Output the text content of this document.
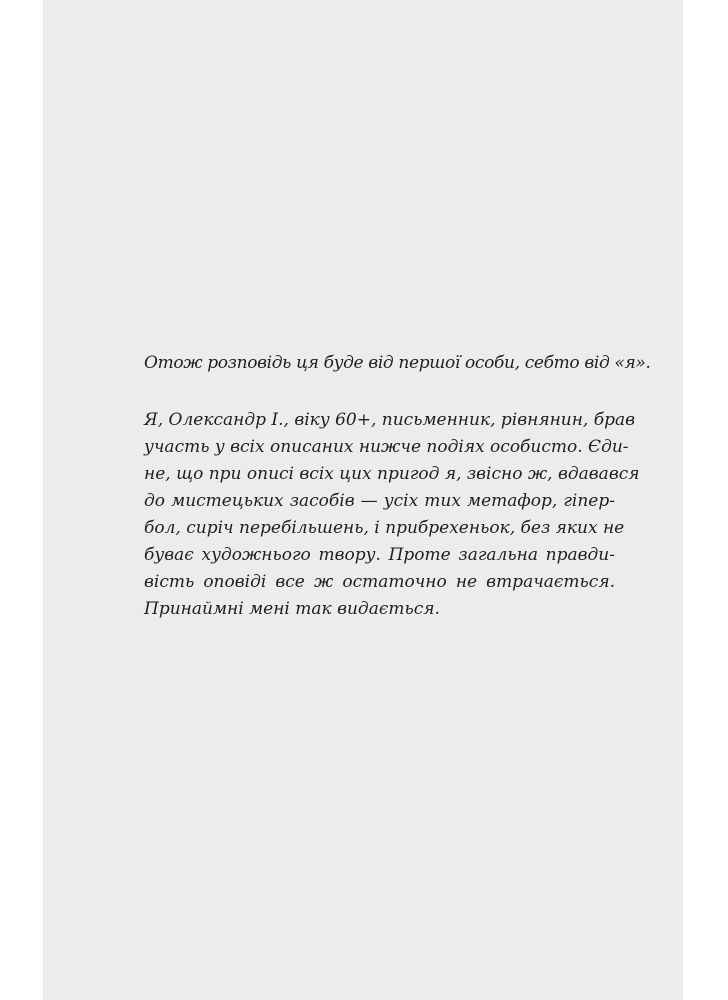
Отож розповідь ця буде від першої особи, себто від «я».

Я, Олександр І., віку 60+, письменник, рівнянин, брав
участь у всіх описаних нижче подіях особисто. Єди-
не, що при описі всіх цих пригод я, звісно ж, вдавався
до мистецьких засобів — усіх тих метафор, гіпер-
бол, сиріч перебільшень, і прибрехеньок, без яких не
буває художнього твору. Проте загальна правди-
вість оповіді все ж остаточно не втрачається.
Принаймні мені так видається.
